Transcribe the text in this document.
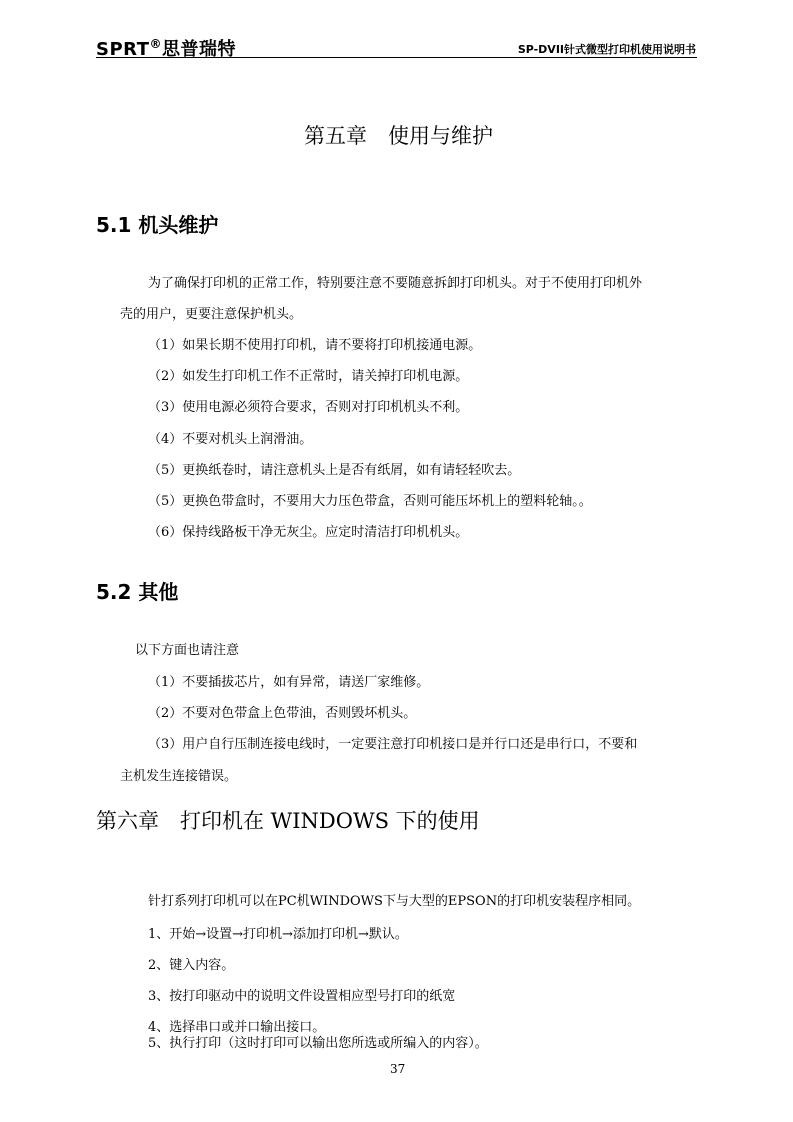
SPRT®思普瑞特	SP-DVII针式微型打印机使用说明书
第五章　使用与维护
5.1 机头维护
为了确保打印机的正常工作，特别要注意不要随意拆卸打印机头。对于不使用打印机外
壳的用户，更要注意保护机头。
（1）如果长期不使用打印机，请不要将打印机接通电源。
（2）如发生打印机工作不正常时，请关掉打印机电源。
（3）使用电源必须符合要求，否则对打印机机头不利。
（4）不要对机头上润滑油。
（5）更换纸卷时，请注意机头上是否有纸屑，如有请轻轻吹去。
（5）更换色带盒时，不要用大力压色带盒，否则可能压坏机上的塑料轮轴。。
（6）保持线路板干净无灰尘。应定时清洁打印机机头。
5.2 其他
以下方面也请注意
（1）不要插拔芯片，如有异常，请送厂家维修。
（2）不要对色带盒上色带油，否则毁坏机头。
（3）用户自行压制连接电线时，一定要注意打印机接口是并行口还是串行口，不要和
主机发生连接错误。
第六章　打印机在 WINDOWS 下的使用
针打系列打印机可以在PC机WINDOWS下与大型的EPSON的打印机安装程序相同。
1、开始→设置→打印机→添加打印机→默认。
2、键入内容。
3、按打印驱动中的说明文件设置相应型号打印的纸宽
4、选择串口或并口输出接口。
5、执行打印（这时打印可以输出您所选或所编入的内容）。
37
